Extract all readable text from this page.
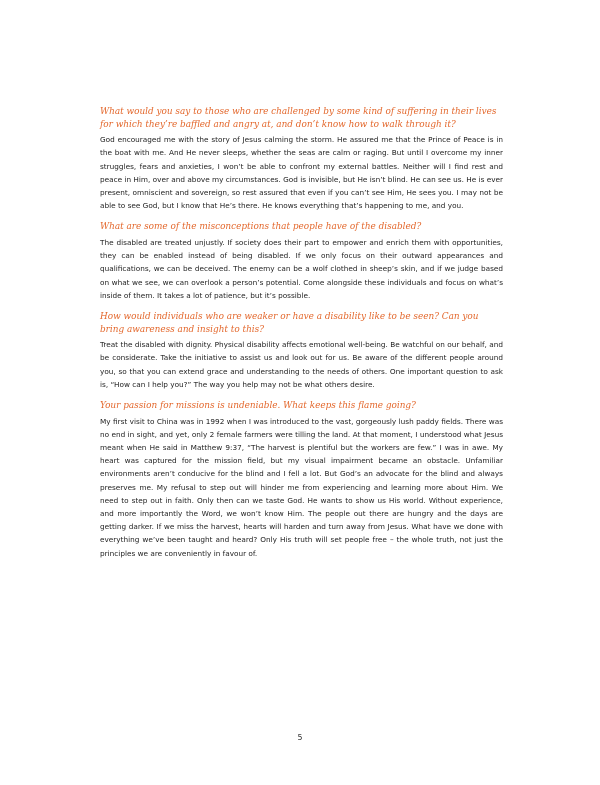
What would you say to those who are challenged by some kind of suffering in their lives for which they’re baffled and angry at, and don’t know how to walk through it?

God encouraged me with the story of Jesus calming the storm. He assured me that the Prince of Peace is in the boat with me. And He never sleeps, whether the seas are calm or raging. But until I overcome my inner struggles, fears and anxieties, I won’t be able to confront my external battles. Neither will I find rest and peace in Him, over and above my circumstances. God is invisible, but He isn’t blind. He can see us. He is ever present, omniscient and sovereign, so rest assured that even if you can’t see Him, He sees you. I may not be able to see God, but I know that He’s there. He knows everything that’s happening to me, and you.

What are some of the misconceptions that people have of the disabled?

The disabled are treated unjustly. If society does their part to empower and enrich them with opportunities, they can be enabled instead of being disabled. If we only focus on their outward appearances and qualifications, we can be deceived. The enemy can be a wolf clothed in sheep’s skin, and if we judge based on what we see, we can overlook a person’s potential. Come alongside these individuals and focus on what’s inside of them. It takes a lot of patience, but it’s possible.

How would individuals who are weaker or have a disability like to be seen? Can you bring awareness and insight to this?

Treat the disabled with dignity. Physical disability affects emotional well-being. Be watchful on our behalf, and be considerate. Take the initiative to assist us and look out for us. Be aware of the different people around you, so that you can extend grace and understanding to the needs of others. One important question to ask is, “How can I help you?” The way you help may not be what others desire.

Your passion for missions is undeniable. What keeps this flame going?

My first visit to China was in 1992 when I was introduced to the vast, gorgeously lush paddy fields. There was no end in sight, and yet, only 2 female farmers were tilling the land. At that moment, I understood what Jesus meant when He said in Matthew 9:37, “The harvest is plentiful but the workers are few.” I was in awe. My heart was captured for the mission field, but my visual impairment became an obstacle. Unfamiliar environments aren’t conducive for the blind and I fell a lot. But God’s an advocate for the blind and always preserves me. My refusal to step out will hinder me from experiencing and learning more about Him. We need to step out in faith. Only then can we taste God. He wants to show us His world. Without experience, and more importantly the Word, we won’t know Him. The people out there are hungry and the days are getting darker. If we miss the harvest, hearts will harden and turn away from Jesus. What have we done with everything we’ve been taught and heard? Only His truth will set people free – the whole truth, not just the principles we are conveniently in favour of.

5
